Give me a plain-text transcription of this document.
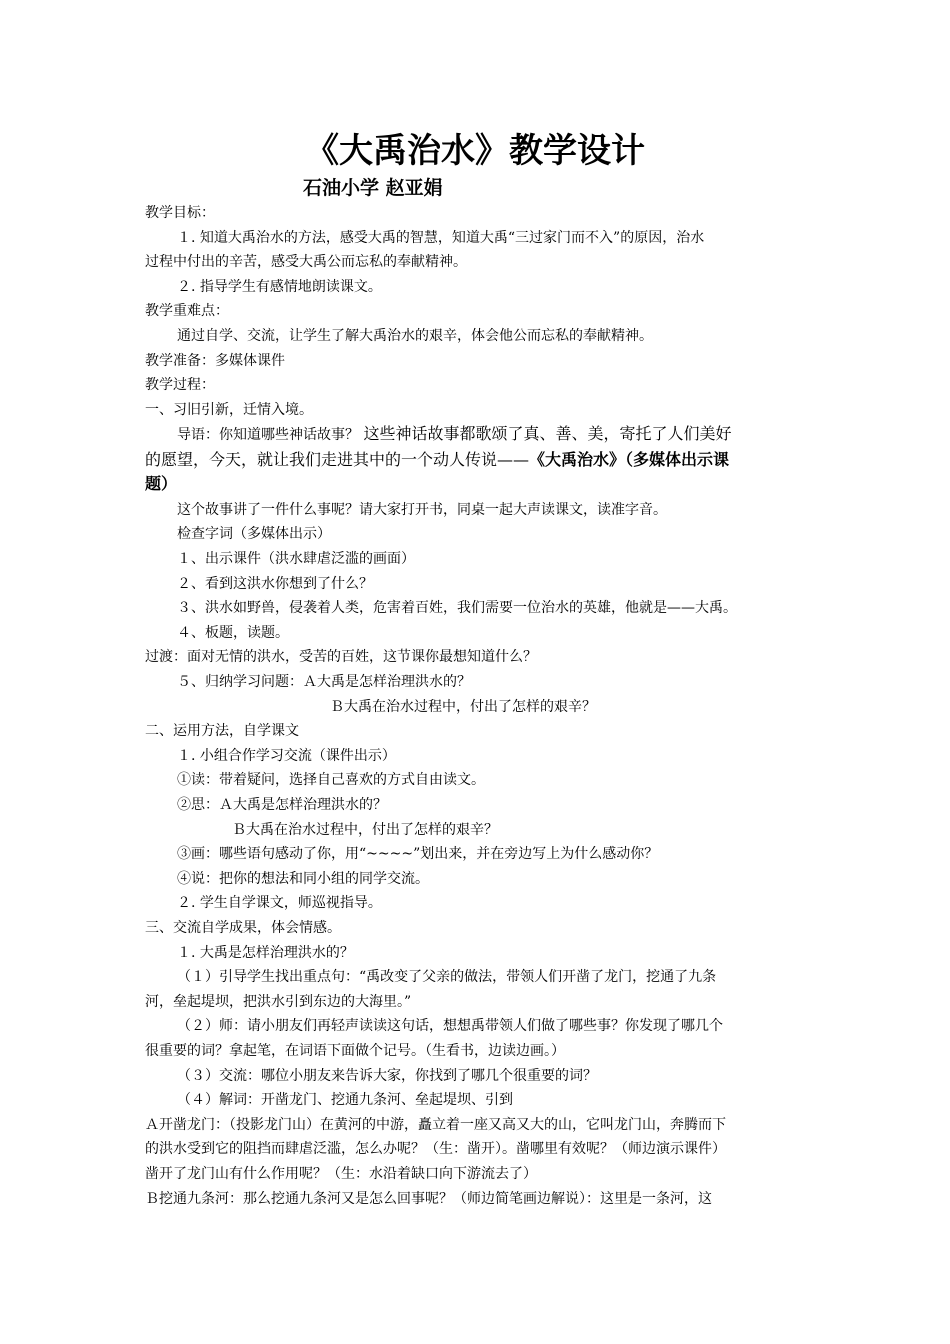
《大禹治水》教学设计
石油小学 赵亚娟
教学目标：
１. 知道大禹治水的方法，感受大禹的智慧，知道大禹“三过家门而不入”的原因，治水
过程中付出的辛苦，感受大禹公而忘私的奉献精神。
２. 指导学生有感情地朗读课文。
教学重难点：
通过自学、交流，让学生了解大禹治水的艰辛，体会他公而忘私的奉献精神。
教学准备：多媒体课件
教学过程：
一、习旧引新，迁情入境。
导语：你知道哪些神话故事？ 这些神话故事都歌颂了真、善、美，寄托了人们美好
的愿望，今天，就让我们走进其中的一个动人传说——《大禹治水》（多媒体出示课
题）
这个故事讲了一件什么事呢？请大家打开书，同桌一起大声读课文，读准字音。
检查字词（多媒体出示）
１、出示课件（洪水肆虐泛滥的画面）
２、看到这洪水你想到了什么？
３、洪水如野兽，侵袭着人类，危害着百姓，我们需要一位治水的英雄，他就是——大禹。
４、板题，读题。
过渡：面对无情的洪水，受苦的百姓，这节课你最想知道什么？
５、归纳学习问题：Ａ大禹是怎样治理洪水的？
Ｂ大禹在治水过程中，付出了怎样的艰辛？
二、运用方法，自学课文
１. 小组合作学习交流（课件出示）
①读：带着疑问，选择自己喜欢的方式自由读文。
②思：Ａ大禹是怎样治理洪水的？
Ｂ大禹在治水过程中，付出了怎样的艰辛？
③画：哪些语句感动了你，用“~~~~”划出来，并在旁边写上为什么感动你？
④说：把你的想法和同小组的同学交流。
２. 学生自学课文，师巡视指导。
三、交流自学成果，体会情感。
１. 大禹是怎样治理洪水的？
（１）引导学生找出重点句：“禹改变了父亲的做法，带领人们开凿了龙门，挖通了九条
河，垒起堤坝，把洪水引到东边的大海里。”
（２）师：请小朋友们再轻声读读这句话，想想禹带领人们做了哪些事？你发现了哪几个
很重要的词？拿起笔，在词语下面做个记号。（生看书，边读边画。）
（３）交流：哪位小朋友来告诉大家，你找到了哪几个很重要的词？
（４）解词：开凿龙门、挖通九条河、垒起堤坝、引到
Ａ开凿龙门：（投影龙门山）在黄河的中游，矗立着一座又高又大的山，它叫龙门山，奔腾而下
的洪水受到它的阻挡而肆虐泛滥，怎么办呢？（生：凿开）。凿哪里有效呢？（师边演示课件）
凿开了龙门山有什么作用呢？（生：水沿着缺口向下游流去了）
Ｂ挖通九条河：那么挖通九条河又是怎么回事呢？（师边简笔画边解说）：这里是一条河，这
